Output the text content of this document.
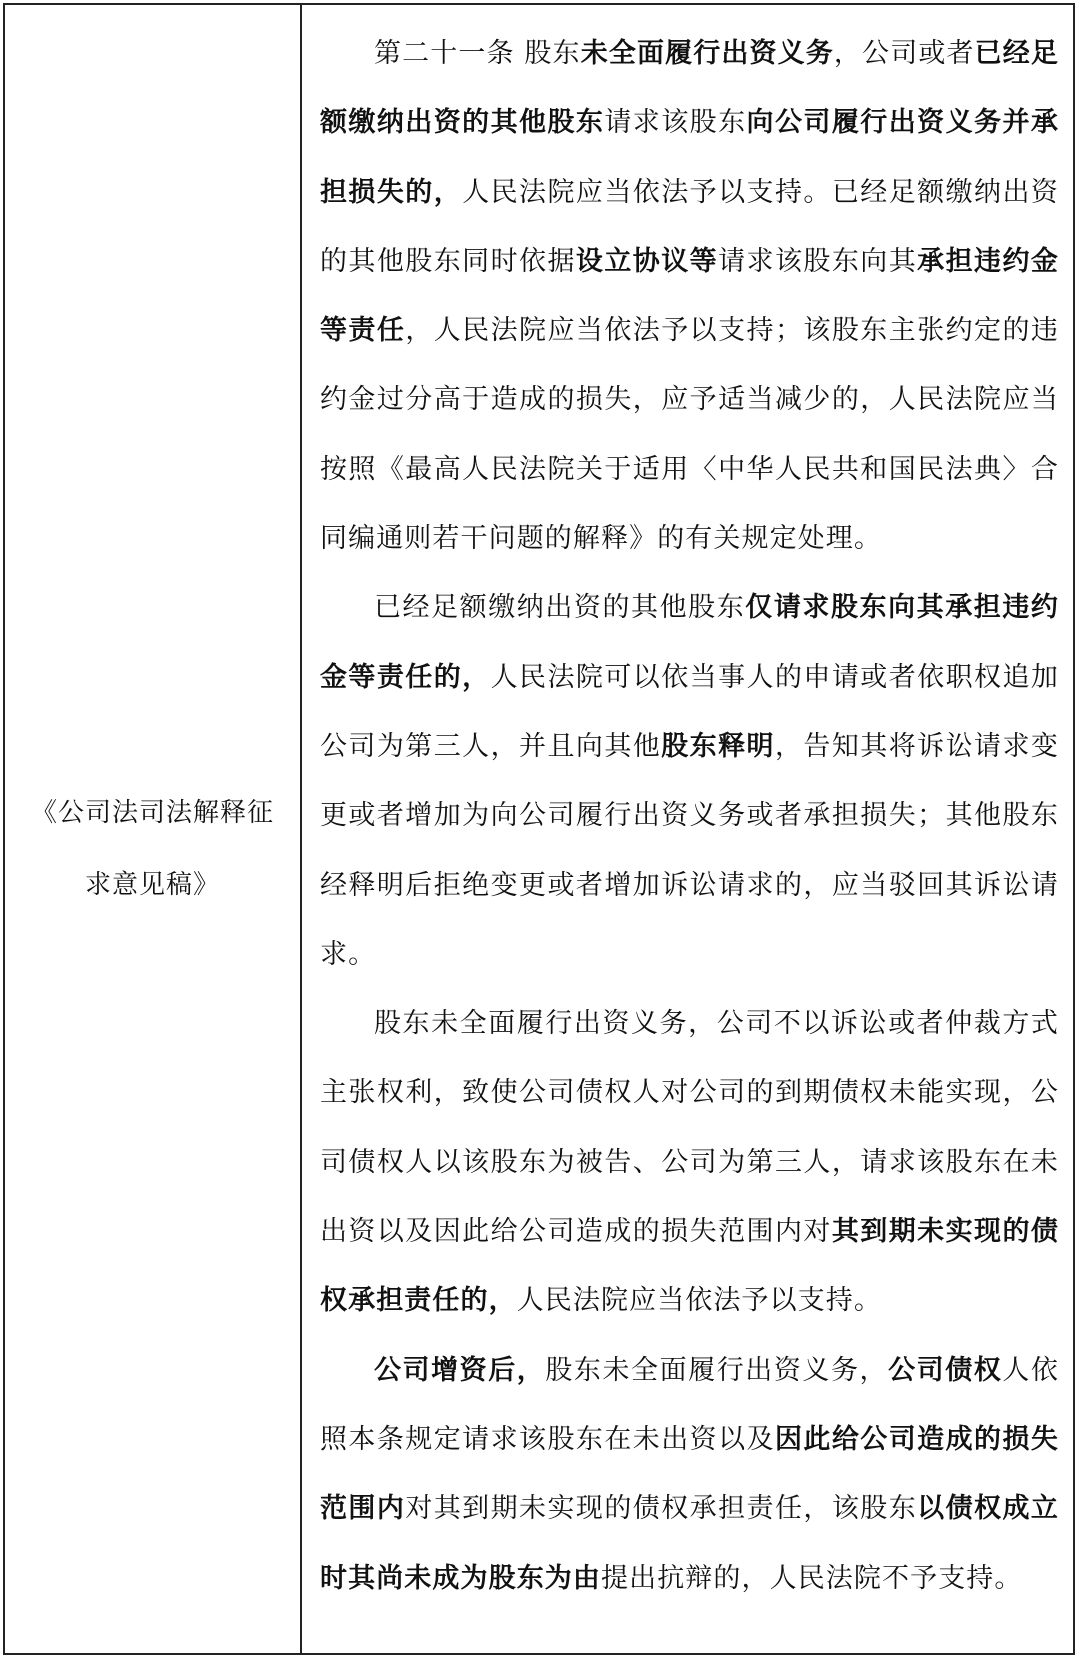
《公司法司法解释征求意见稿》

第二十一条 股东未全面履行出资义务，公司或者已经足额缴纳出资的其他股东请求该股东向公司履行出资义务并承担损失的，人民法院应当依法予以支持。已经足额缴纳出资的其他股东同时依据设立协议等请求该股东向其承担违约金等责任，人民法院应当依法予以支持；该股东主张约定的违约金过分高于造成的损失，应予适当减少的，人民法院应当按照《最高人民法院关于适用〈中华人民共和国民法典〉合同编通则若干问题的解释》的有关规定处理。

已经足额缴纳出资的其他股东仅请求股东向其承担违约金等责任的，人民法院可以依当事人的申请或者依职权追加公司为第三人，并且向其他股东释明，告知其将诉讼请求变更或者增加为向公司履行出资义务或者承担损失；其他股东经释明后拒绝变更或者增加诉讼请求的，应当驳回其诉讼请求。

股东未全面履行出资义务，公司不以诉讼或者仲裁方式主张权利，致使公司债权人对公司的到期债权未能实现，公司债权人以该股东为被告、公司为第三人，请求该股东在未出资以及因此给公司造成的损失范围内对其到期未实现的债权承担责任的，人民法院应当依法予以支持。

公司增资后，股东未全面履行出资义务，公司债权人依照本条规定请求该股东在未出资以及因此给公司造成的损失范围内对其到期未实现的债权承担责任，该股东以债权成立时其尚未成为股东为由提出抗辩的，人民法院不予支持。
